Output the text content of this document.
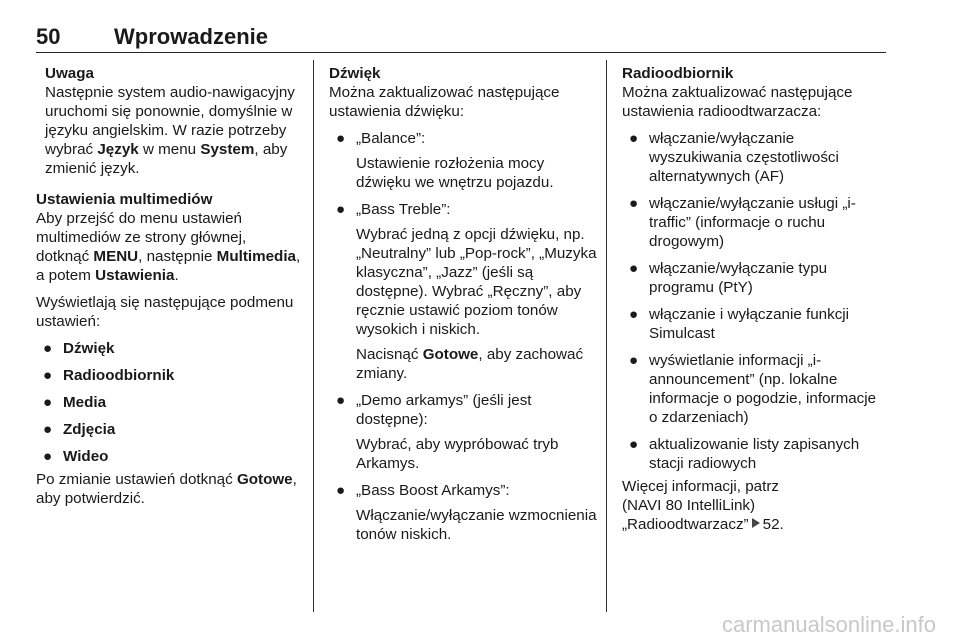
50 Wprowadzenie
Uwaga
Następnie system audio-nawigacyjny uruchomi się ponownie, domyślnie w języku angielskim. W razie potrzeby wybrać Język w menu System, aby zmienić język.
Ustawienia multimediów

Aby przejść do menu ustawień multimediów ze strony głównej, dotknąć MENU, następnie Multimedia, a potem Ustawienia.

Wyświetlają się następujące podmenu ustawień:

● Dźwięk
● Radioodbiornik
● Media
● Zdjęcia
● Wideo

Po zmianie ustawień dotknąć Gotowe, aby potwierdzić.

Dźwięk

Można zaktualizować następujące ustawienia dźwięku:

● „Balance”:

Ustawienie rozłożenia mocy dźwięku we wnętrzu pojazdu.

● „Bass Treble”:

Wybrać jedną z opcji dźwięku, np. „Neutralny” lub „Pop-rock”, „Muzyka klasyczna”, „Jazz” (jeśli są dostępne). Wybrać „Ręczny”, aby ręcznie ustawić poziom tonów wysokich i niskich.

Nacisnąć Gotowe, aby zachować zmiany.

● „Demo arkamys” (jeśli jest dostępne):

Wybrać, aby wypróbować tryb Arkamys.

● „Bass Boost Arkamys”:

Włączanie/wyłączanie wzmocnienia tonów niskich.

Radioodbiornik

Można zaktualizować następujące ustawienia radioodtwarzacza:

● włączanie/wyłączanie wyszukiwania częstotliwości alternatywnych (AF)
● włączanie/wyłączanie usługi „i-traffic” (informacje o ruchu drogowym)
● włączanie/wyłączanie typu programu (PtY)
● włączanie i wyłączanie funkcji Simulcast
● wyświetlanie informacji „i-announcement” (np. lokalne informacje o pogodzie, informacje o zdarzeniach)
● aktualizowanie listy zapisanych stacji radiowych
Więcej informacji, patrz
(NAVI 80 IntelliLink)
„Radioodtwarzacz” 52.
carmanualsonline.info
